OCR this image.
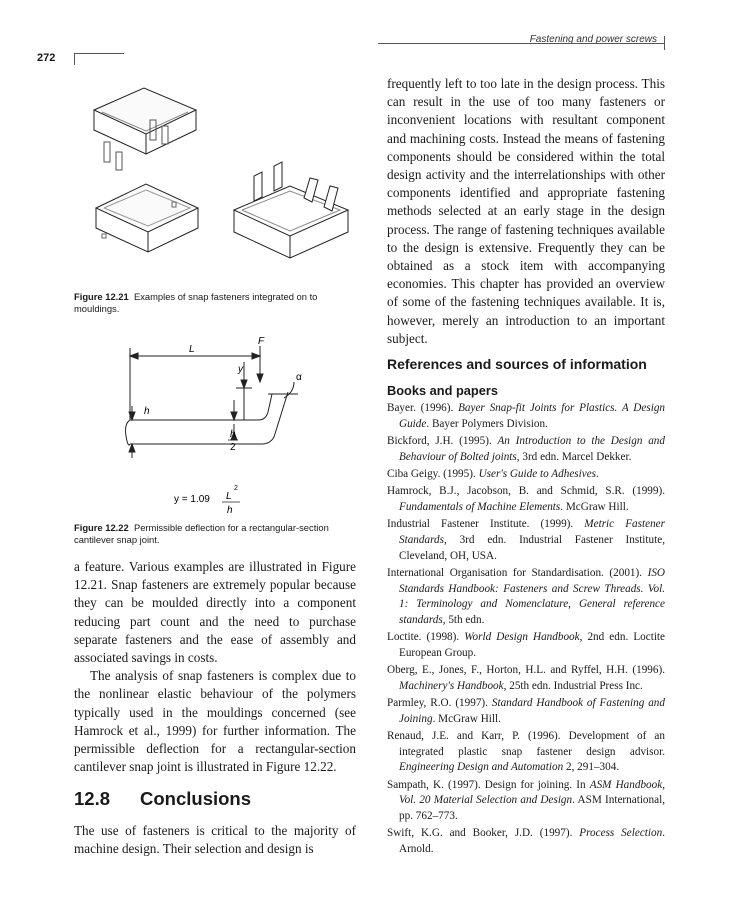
Fastening and power screws
272

Figure 12.21 Examples of snap fasteners integrated on to mouldings.

L
F
y
α
h
h
2
y = 1.09
2
L
h

Figure 12.22 Permissible deflection for a rectangular-section cantilever snap joint.

a feature. Various examples are illustrated in Figure 12.21. Snap fasteners are extremely popular because they can be moulded directly into a component reducing part count and the need to purchase separate fasteners and the ease of assembly and associated savings in costs.

The analysis of snap fasteners is complex due to the nonlinear elastic behaviour of the polymers typically used in the mouldings concerned (see Hamrock et al., 1999) for further information. The permissible deflection for a rectangular-section cantilever snap joint is illustrated in Figure 12.22.

12.8 Conclusions

The use of fasteners is critical to the majority of machine design. Their selection and design is

frequently left to too late in the design process. This can result in the use of too many fasteners or inconvenient locations with resultant component and machining costs. Instead the means of fastening components should be considered within the total design activity and the interrelationships with other components identified and appropriate fastening methods selected at an early stage in the design process. The range of fastening techniques available to the design is extensive. Frequently they can be obtained as a stock item with accompanying economies. This chapter has provided an overview of some of the fastening techniques available. It is, however, merely an introduction to an important subject.

References and sources of information

Books and papers

Bayer. (1996). Bayer Snap-fit Joints for Plastics. A Design Guide. Bayer Polymers Division.
Bickford, J.H. (1995). An Introduction to the Design and Behaviour of Bolted joints, 3rd edn. Marcel Dekker.
Ciba Geigy. (1995). User's Guide to Adhesives.
Hamrock, B.J., Jacobson, B. and Schmid, S.R. (1999). Fundamentals of Machine Elements. McGraw Hill.
Industrial Fastener Institute. (1999). Metric Fastener Standards, 3rd edn. Industrial Fastener Institute, Cleveland, OH, USA.
International Organisation for Standardisation. (2001). ISO Standards Handbook: Fasteners and Screw Threads. Vol. 1: Terminology and Nomenclature, General reference standards, 5th edn.
Loctite. (1998). World Design Handbook, 2nd edn. Loctite European Group.
Oberg, E., Jones, F., Horton, H.L. and Ryffel, H.H. (1996). Machinery's Handbook, 25th edn. Industrial Press Inc.
Parmley, R.O. (1997). Standard Handbook of Fastening and Joining. McGraw Hill.
Renaud, J.E. and Karr, P. (1996). Development of an integrated plastic snap fastener design advisor. Engineering Design and Automation 2, 291–304.
Sampath, K. (1997). Design for joining. In ASM Handbook, Vol. 20 Material Selection and Design. ASM International, pp. 762–773.
Swift, K.G. and Booker, J.D. (1997). Process Selection. Arnold.
